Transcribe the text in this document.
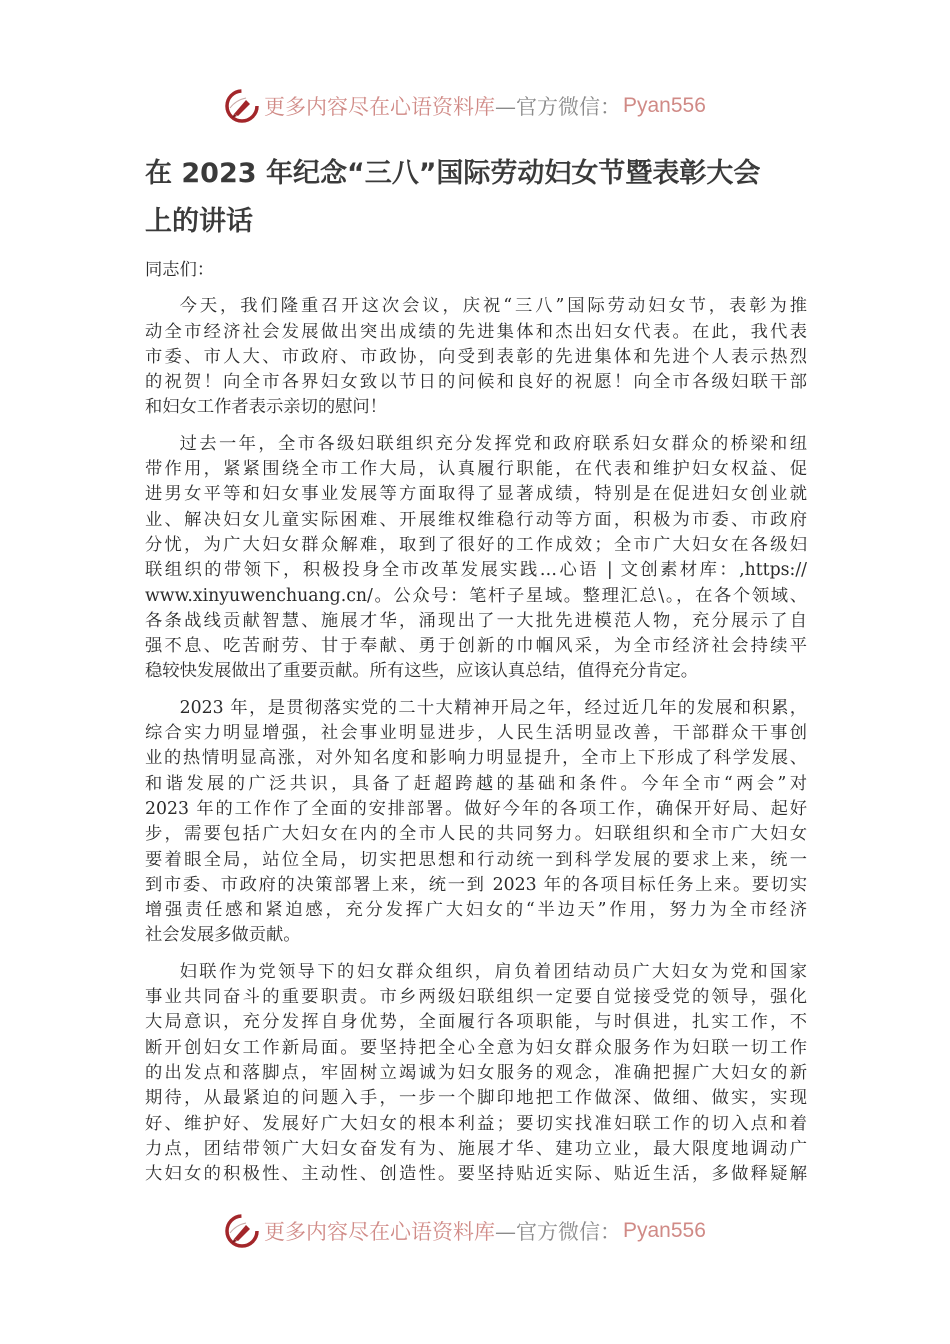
更多内容尽在心语资料库 —官方微信： Pyan556
在 2023 年纪念“三八”国际劳动妇女节暨表彰大会
上的讲话
同志们：
今天，我们隆重召开这次会议，庆祝“三八”国际劳动妇女节，表彰为推
动全市经济社会发展做出突出成绩的先进集体和杰出妇女代表。在此，我代表
市委、市人大、市政府、市政协，向受到表彰的先进集体和先进个人表示热烈
的祝贺！向全市各界妇女致以节日的问候和良好的祝愿！向全市各级妇联干部
和妇女工作者表示亲切的慰问！
过去一年，全市各级妇联组织充分发挥党和政府联系妇女群众的桥梁和纽
带作用，紧紧围绕全市工作大局，认真履行职能，在代表和维护妇女权益、促
进男女平等和妇女事业发展等方面取得了显著成绩，特别是在促进妇女创业就
业、解决妇女儿童实际困难、开展维权维稳行动等方面，积极为市委、市政府
分忧，为广大妇女群众解难，取到了很好的工作成效；全市广大妇女在各级妇
联组织的带领下，积极投身全市改革发展实践…心语 | 文创素材库：,https://
www.xinyuwenchuang.cn/。公众号：笔杆子星域。整理汇总\。，在各个领域、
各条战线贡献智慧、施展才华，涌现出了一大批先进模范人物，充分展示了自
强不息、吃苦耐劳、甘于奉献、勇于创新的巾帼风采，为全市经济社会持续平
稳较快发展做出了重要贡献。所有这些，应该认真总结，值得充分肯定。
2023 年，是贯彻落实党的二十大精神开局之年，经过近几年的发展和积累，
综合实力明显增强，社会事业明显进步，人民生活明显改善，干部群众干事创
业的热情明显高涨，对外知名度和影响力明显提升，全市上下形成了科学发展、
和谐发展的广泛共识，具备了赶超跨越的基础和条件。今年全市“两会”对
2023 年的工作作了全面的安排部署。做好今年的各项工作，确保开好局、起好
步，需要包括广大妇女在内的全市人民的共同努力。妇联组织和全市广大妇女
要着眼全局，站位全局，切实把思想和行动统一到科学发展的要求上来，统一
到市委、市政府的决策部署上来，统一到 2023 年的各项目标任务上来。要切实
增强责任感和紧迫感，充分发挥广大妇女的“半边天”作用，努力为全市经济
社会发展多做贡献。
妇联作为党领导下的妇女群众组织，肩负着团结动员广大妇女为党和国家
事业共同奋斗的重要职责。市乡两级妇联组织一定要自觉接受党的领导，强化
大局意识，充分发挥自身优势，全面履行各项职能，与时俱进，扎实工作，不
断开创妇女工作新局面。要坚持把全心全意为妇女群众服务作为妇联一切工作
的出发点和落脚点，牢固树立竭诚为妇女服务的观念，准确把握广大妇女的新
期待，从最紧迫的问题入手，一步一个脚印地把工作做深、做细、做实，实现
好、维护好、发展好广大妇女的根本利益；要切实找准妇联工作的切入点和着
力点，团结带领广大妇女奋发有为、施展才华、建功立业，最大限度地调动广
大妇女的积极性、主动性、创造性。要坚持贴近实际、贴近生活，多做释疑解
更多内容尽在心语资料库 —官方微信： Pyan556
